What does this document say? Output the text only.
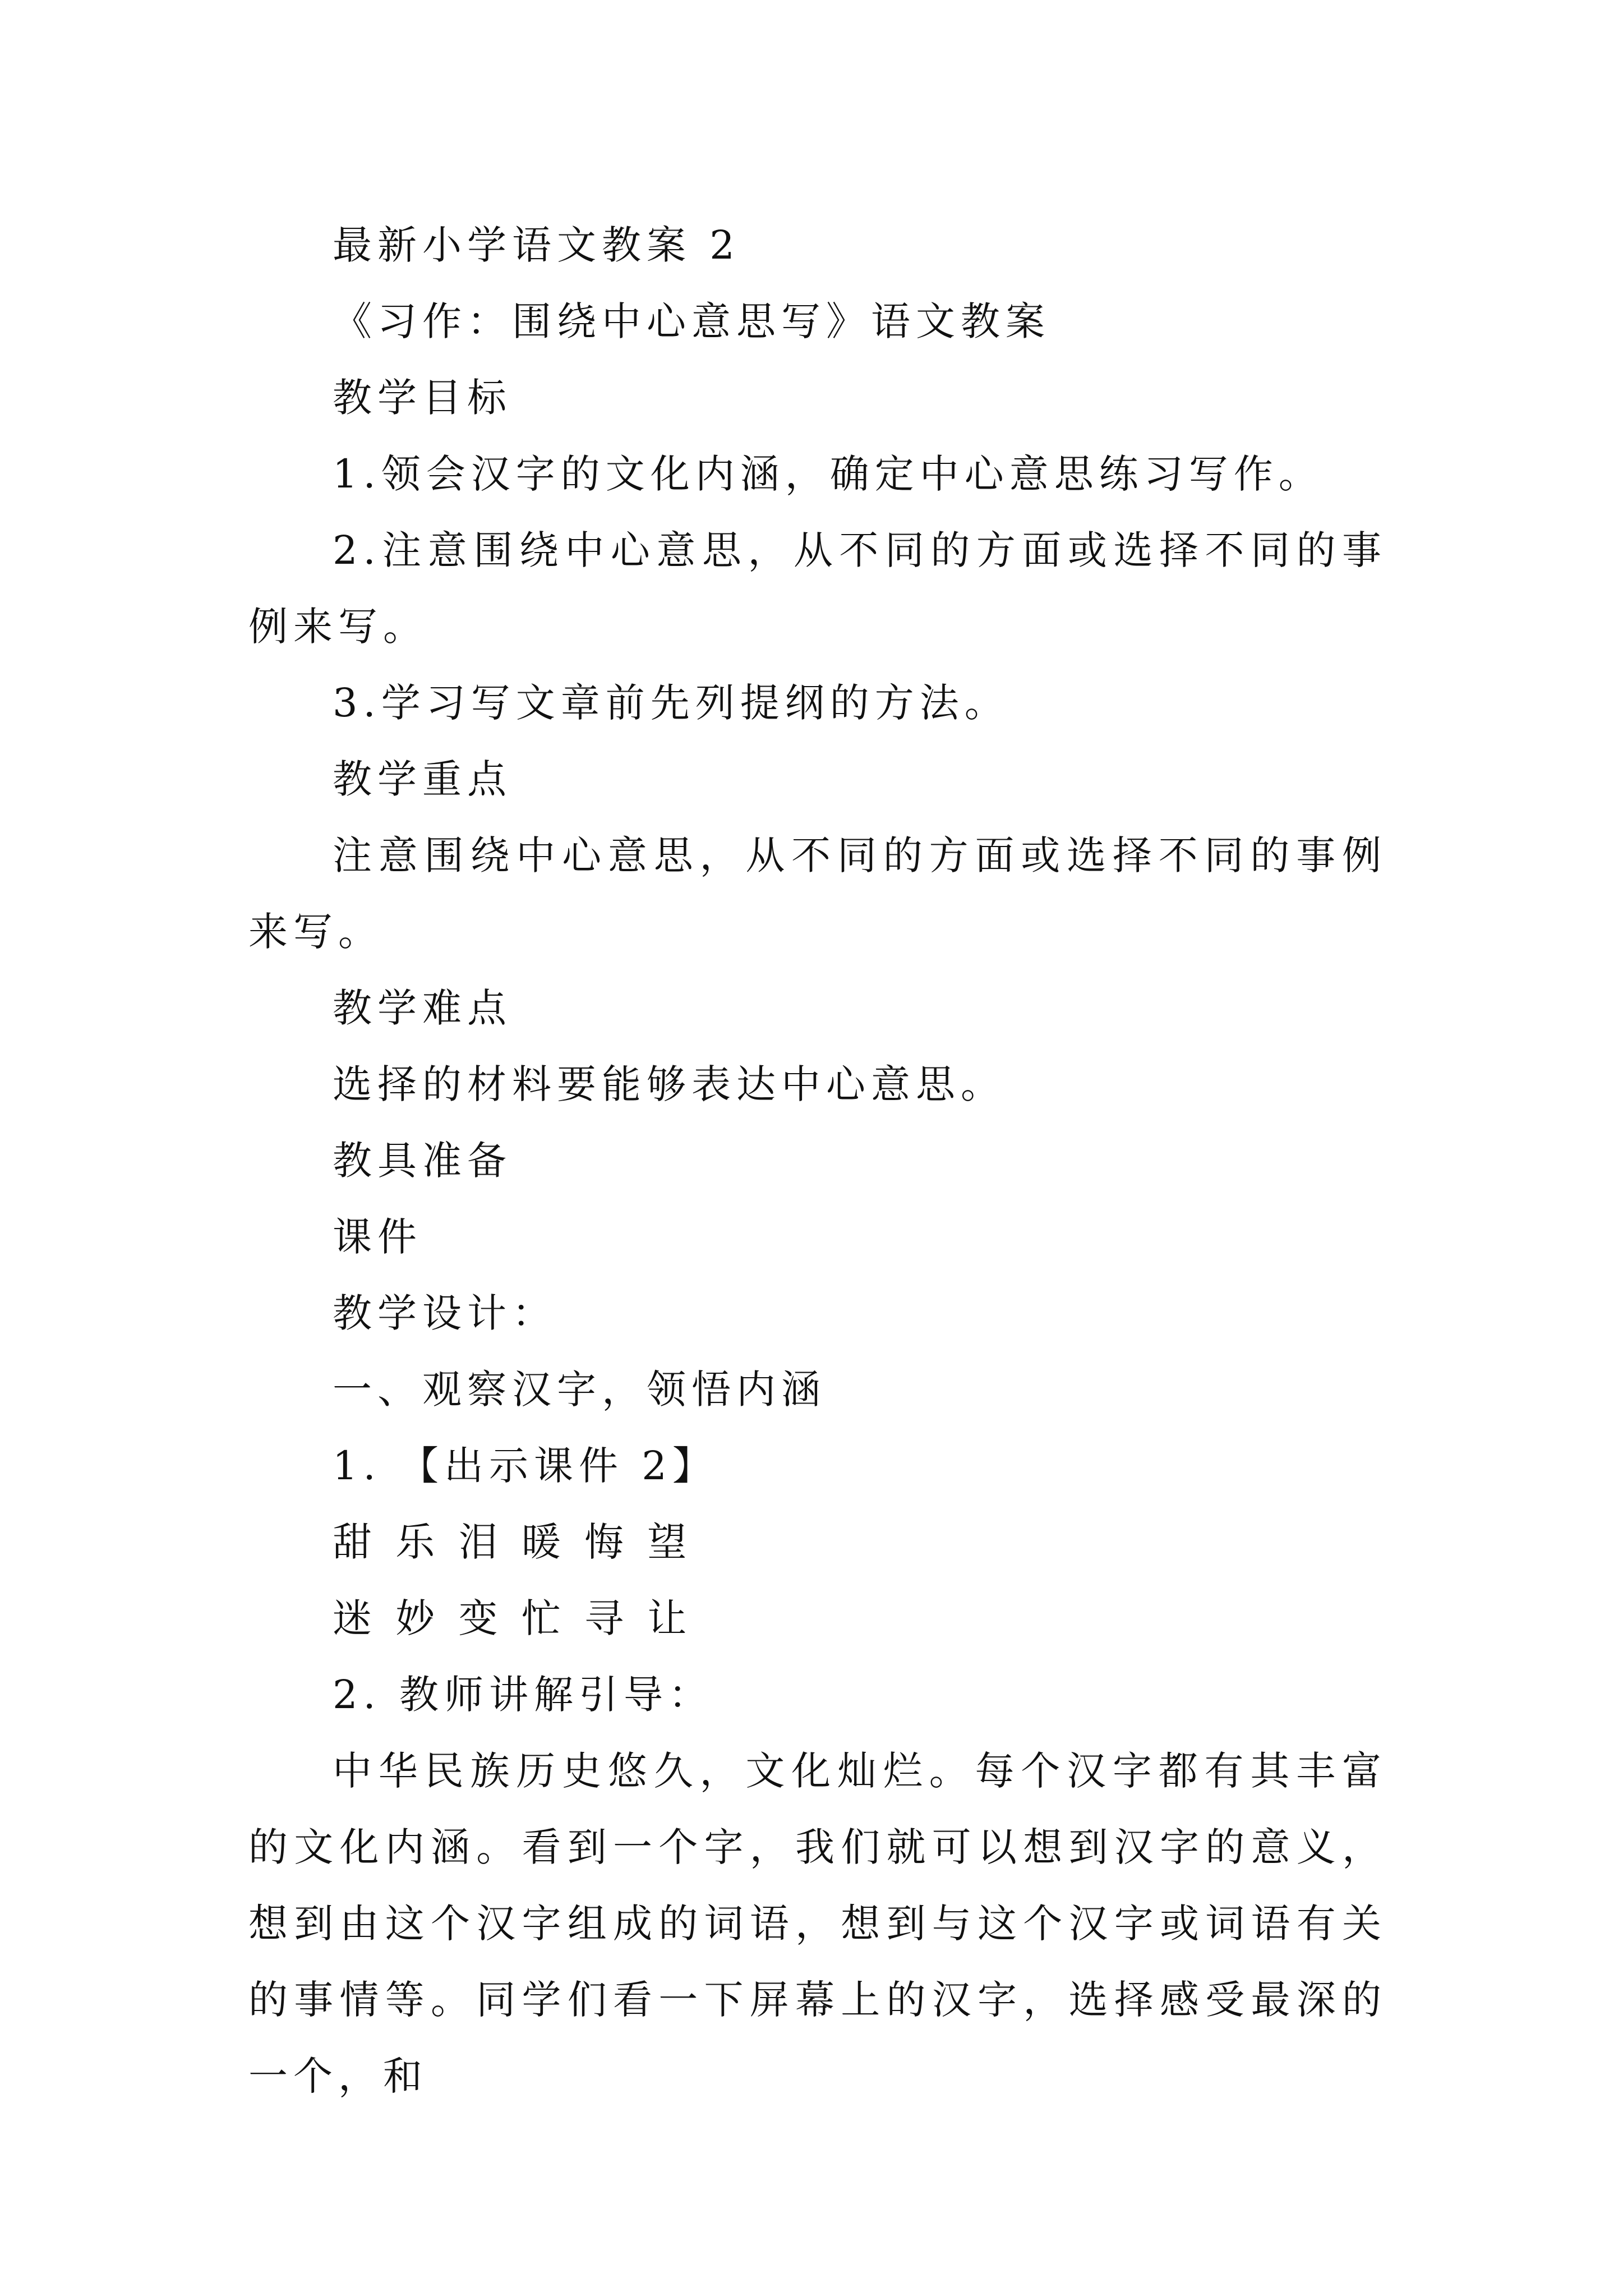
最新小学语文教案 2

《习作：围绕中心意思写》语文教案

教学目标

1.领会汉字的文化内涵，确定中心意思练习写作。

2.注意围绕中心意思，从不同的方面或选择不同的事例来写。

3.学习写文章前先列提纲的方法。

教学重点

注意围绕中心意思，从不同的方面或选择不同的事例来写。

教学难点

选择的材料要能够表达中心意思。

教具准备

课件

教学设计：

一、观察汉字，领悟内涵

1. 【出示课件 2】

甜 乐 泪 暖 悔 望

迷 妙 变 忙 寻 让

2. 教师讲解引导：

中华民族历史悠久，文化灿烂。每个汉字都有其丰富的文化内涵。看到一个字，我们就可以想到汉字的意义，想到由这个汉字组成的词语，想到与这个汉字或词语有关的事情等。同学们看一下屏幕上的汉字，选择感受最深的一个，和
